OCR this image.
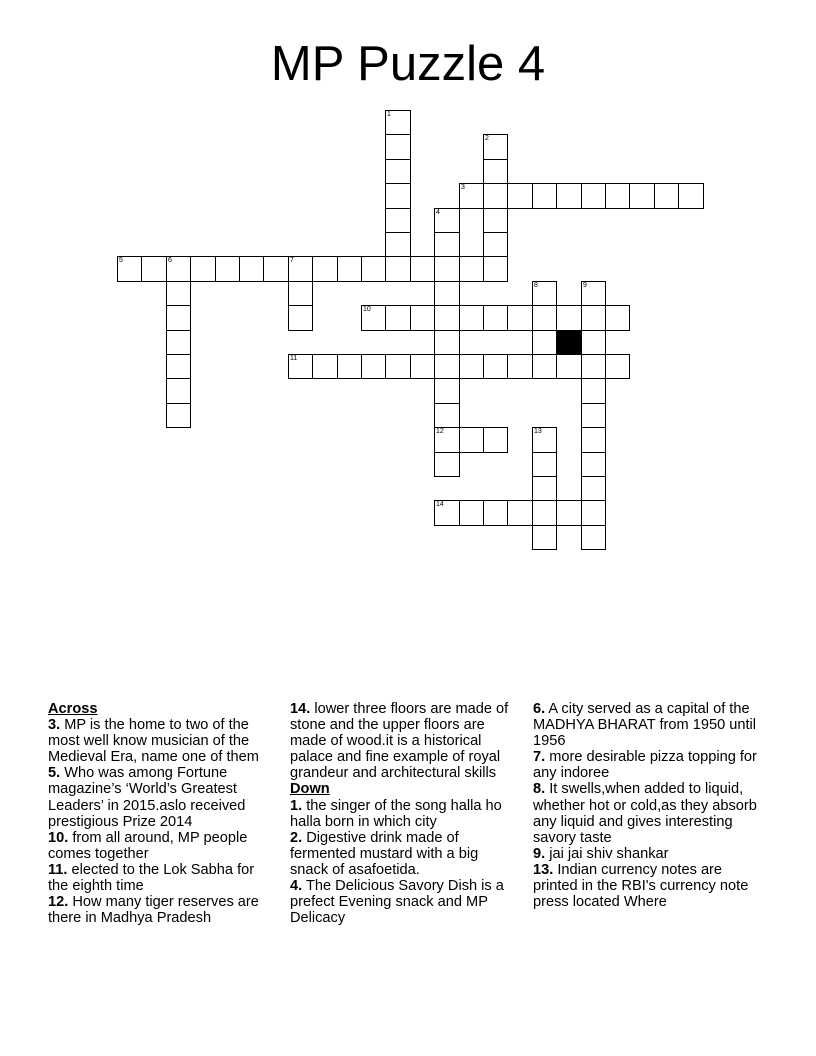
MP Puzzle 4
1
2
3
4
12
5	6	7
8	9
10
11
13
14
Across
3. MP is the home to two of the most well know musician of the Medieval Era, name one of them
5. Who was among Fortune magazine’s ‘World’s Greatest Leaders’ in 2015.aslo received prestigious Prize 2014
10. from all around, MP people comes together
11. elected to the Lok Sabha for the eighth time
12. How many tiger reserves are there in Madhya Pradesh
14. lower three floors are made of stone and the upper floors are made of wood.it is a historical palace and fine example of royal grandeur and architectural skills
Down
1. the singer of the song halla ho halla born in which city
2. Digestive drink made of fermented mustard with a big snack of asafoetida.
4. The Delicious Savory Dish is a prefect Evening snack and MP Delicacy
6. A city served as a capital of the MADHYA BHARAT from 1950 until 1956
7. more desirable pizza topping for any indoree
8. It swells,when added to liquid, whether hot or cold,as they absorb any liquid and gives interesting savory taste
9. jai jai shiv shankar
13. Indian currency notes are printed in the RBI's currency note press located Where
